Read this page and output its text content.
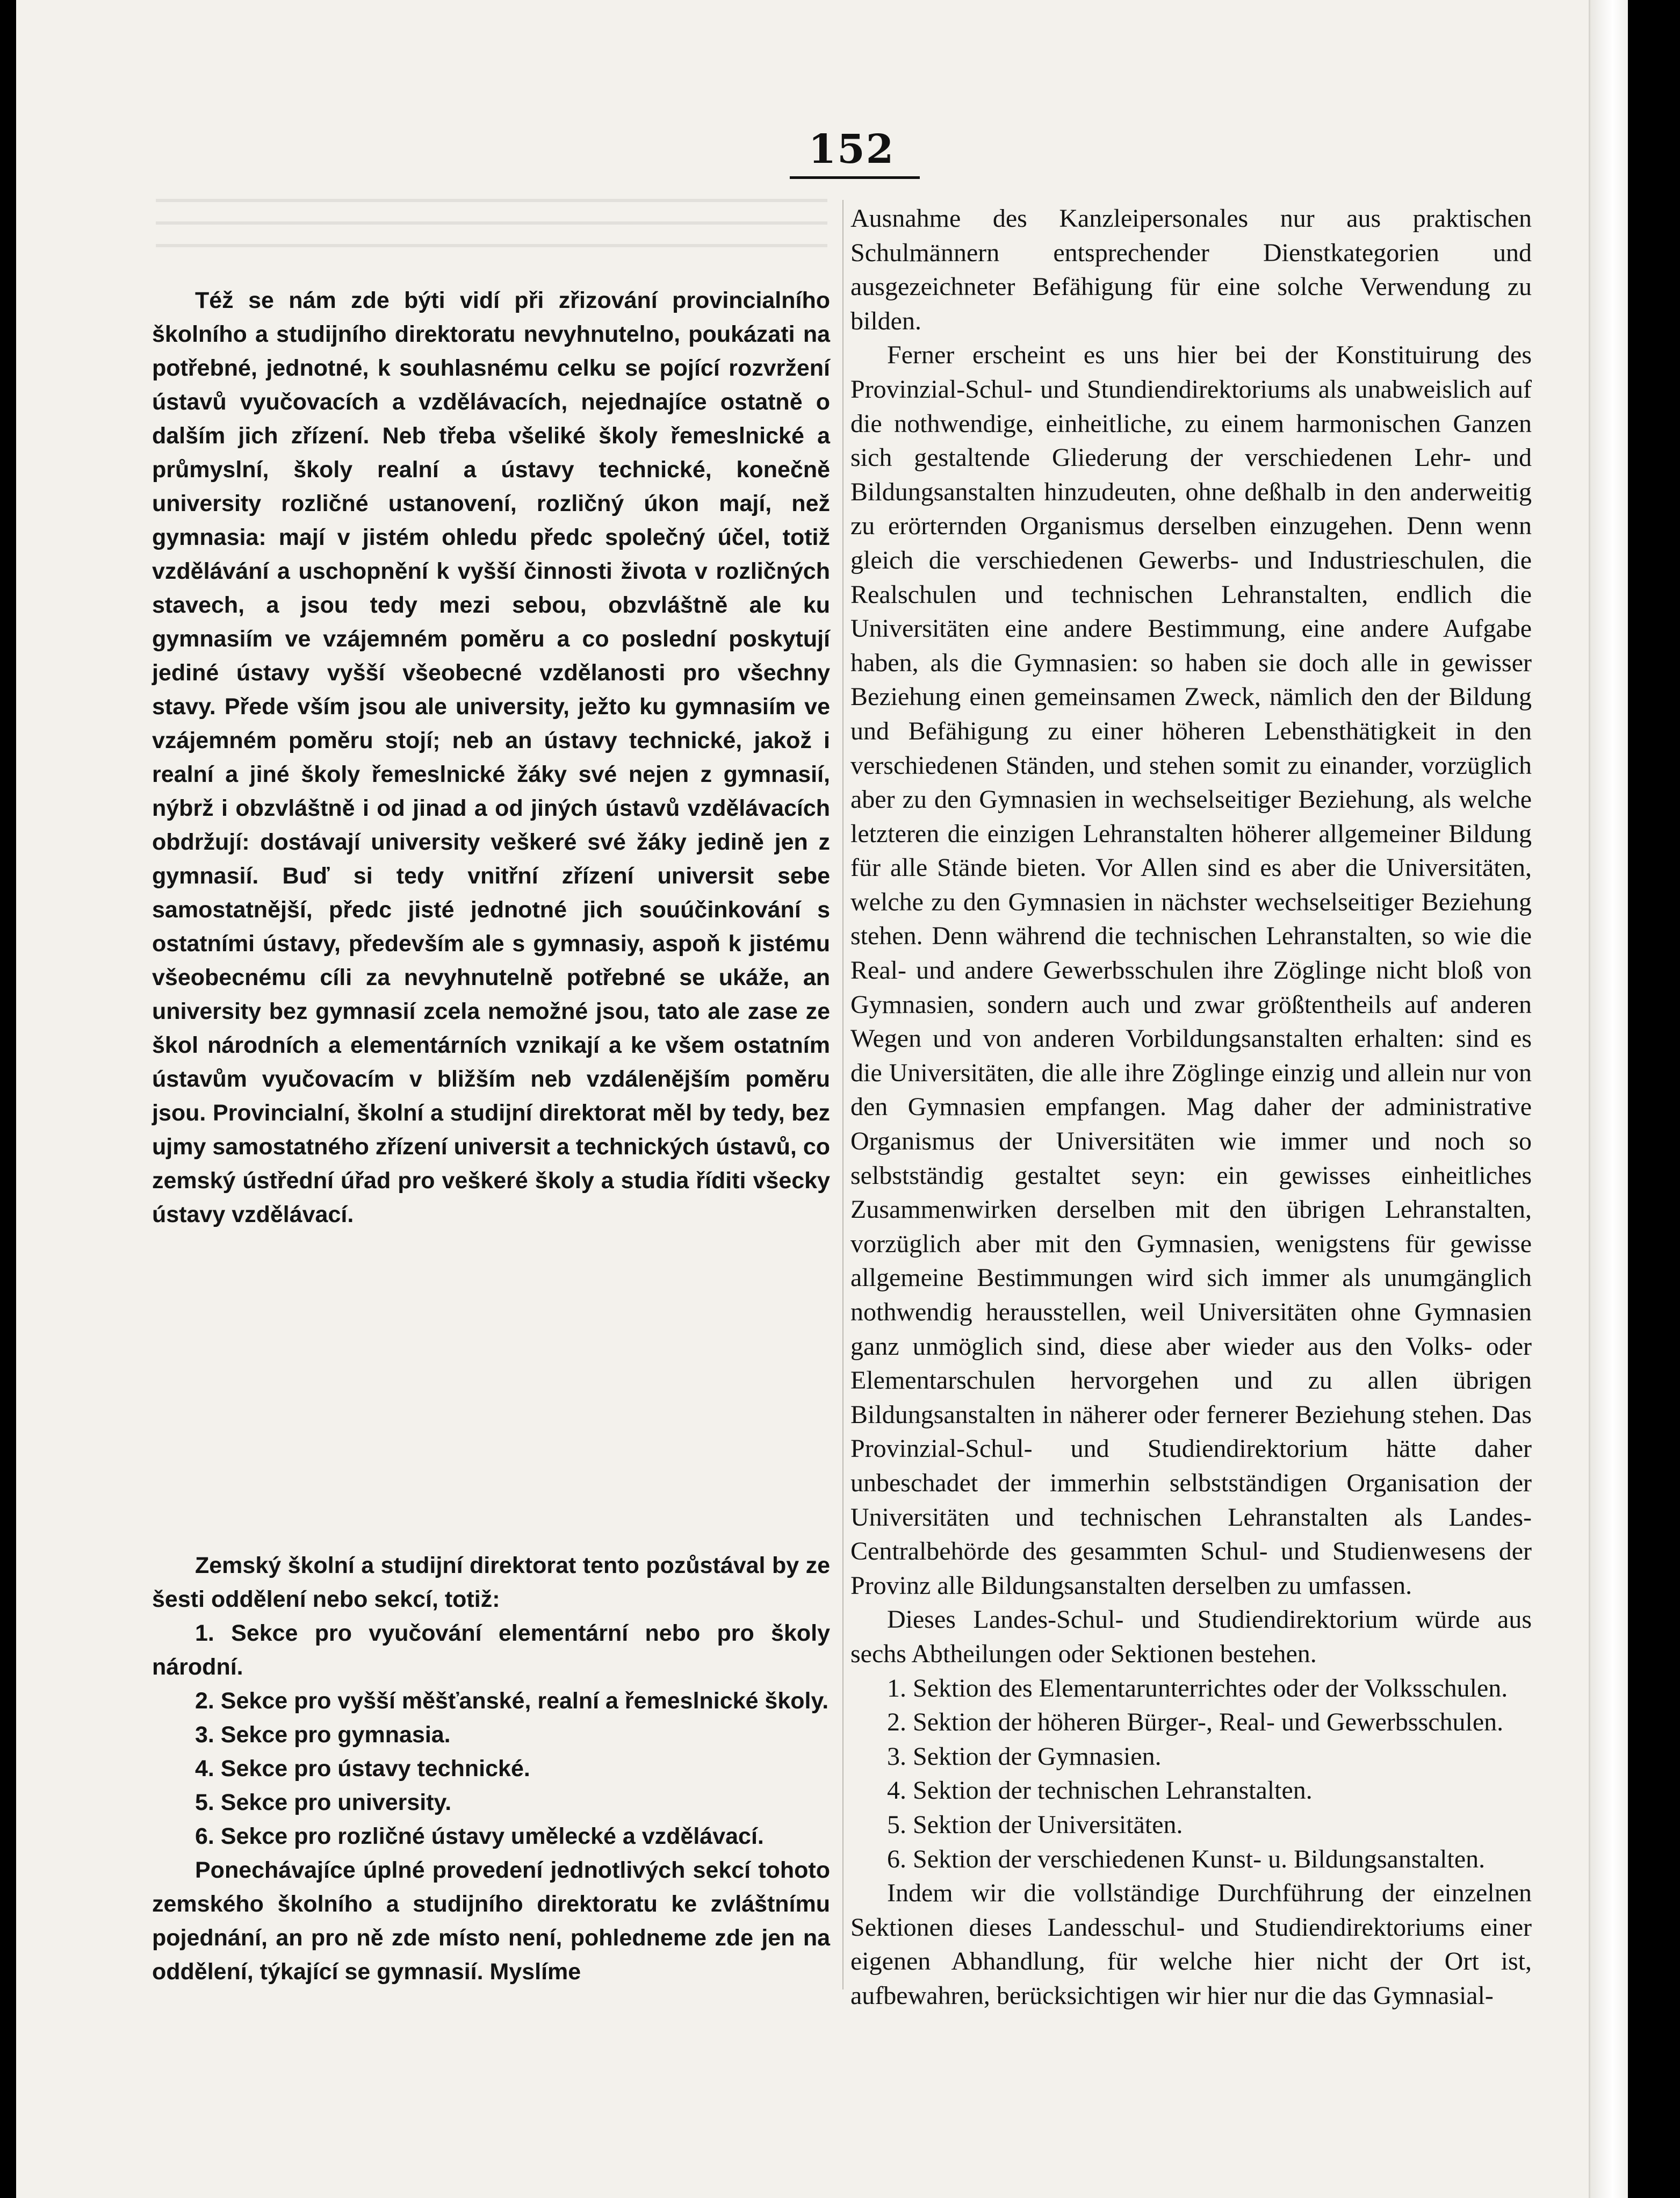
152

Též se nám zde býti vidí při zřizování provincialního školního a studijního direktoratu nevyhnutelno, poukázati na potřebné, jednotné, k souhlasnému celku se pojící rozvržení ústavů vyučovacích a vzdělávacích, nejednajíce ostatně o dalším jich zřízení. Neb třeba všeliké školy řemeslnické a průmyslní, školy realní a ústavy technické, konečně university rozličné ustanovení, rozličný úkon mají, než gymnasia: mají v jistém ohledu předc společný účel, totiž vzdělávání a uschopnění k vyšší činnosti života v rozličných stavech, a jsou tedy mezi sebou, obzvláštně ale ku gymnasiím ve vzájemném poměru a co poslední poskytují jediné ústavy vyšší všeobecné vzdělanosti pro všechny stavy. Přede vším jsou ale university, ježto ku gymnasiím ve vzájemném poměru stojí; neb an ústavy technické, jakož i realní a jiné školy řemeslnické žáky své nejen z gymnasií, nýbrž i obzvláštně i od jinad a od jiných ústavů vzdělávacích obdržují: dostávají university veškeré své žáky jedině jen z gymnasií. Buď si tedy vnitřní zřízení universit sebe samostatnější, předc jisté jednotné jich souúčinkování s ostatními ústavy, především ale s gymnasiy, aspoň k jistému všeobecnému cíli za nevyhnutelně potřebné se ukáže, an university bez gymnasií zcela nemožné jsou, tato ale zase ze škol národních a elementárních vznikají a ke všem ostatním ústavům vyučovacím v bližším neb vzdálenějším poměru jsou. Provincialní, školní a studijní direktorat měl by tedy, bez ujmy samostatného zřízení universit a technických ústavů, co zemský ústřední úřad pro veškeré školy a studia říditi všecky ústavy vzdělávací.

Zemský školní a studijní direktorat tento pozůstával by ze šesti oddělení nebo sekcí, totiž:

1. Sekce pro vyučování elementární nebo pro školy národní.
2. Sekce pro vyšší měšťanské, realní a řemeslnické školy.
3. Sekce pro gymnasia.
4. Sekce pro ústavy technické.
5. Sekce pro university.
6. Sekce pro rozličné ústavy umělecké a vzdělávací.

Ponechávajíce úplné provedení jednotlivých sekcí tohoto zemského školního a studijního direktoratu ke zvláštnímu pojednání, an pro ně zde místo není, pohledneme zde jen na oddělení, týkající se gymnasií. Myslíme

Ausnahme des Kanzleipersonales nur aus praktischen Schulmännern entsprechender Dienstkategorien und ausgezeichneter Befähigung für eine solche Verwendung zu bilden.

Ferner erscheint es uns hier bei der Konstituirung des Provinzial-Schul- und Stundiendirektoriums als unabweislich auf die nothwendige, einheitliche, zu einem harmonischen Ganzen sich gestaltende Gliederung der verschiedenen Lehr- und Bildungsanstalten hinzudeuten, ohne deßhalb in den anderweitig zu erörternden Organismus derselben einzugehen. Denn wenn gleich die verschiedenen Gewerbs- und Industrieschulen, die Realschulen und technischen Lehranstalten, endlich die Universitäten eine andere Bestimmung, eine andere Aufgabe haben, als die Gymnasien: so haben sie doch alle in gewisser Beziehung einen gemeinsamen Zweck, nämlich den der Bildung und Befähigung zu einer höheren Lebensthätigkeit in den verschiedenen Ständen, und stehen somit zu einander, vorzüglich aber zu den Gymnasien in wechselseitiger Beziehung, als welche letzteren die einzigen Lehranstalten höherer allgemeiner Bildung für alle Stände bieten. Vor Allen sind es aber die Universitäten, welche zu den Gymnasien in nächster wechselseitiger Beziehung stehen. Denn während die technischen Lehranstalten, so wie die Real- und andere Gewerbsschulen ihre Zöglinge nicht bloß von Gymnasien, sondern auch und zwar größtentheils auf anderen Wegen und von anderen Vorbildungsanstalten erhalten: sind es die Universitäten, die alle ihre Zöglinge einzig und allein nur von den Gymnasien empfangen. Mag daher der administrative Organismus der Universitäten wie immer und noch so selbstständig gestaltet seyn: ein gewisses einheitliches Zusammenwirken derselben mit den übrigen Lehranstalten, vorzüglich aber mit den Gymnasien, wenigstens für gewisse allgemeine Bestimmungen wird sich immer als unumgänglich nothwendig herausstellen, weil Universitäten ohne Gymnasien ganz unmöglich sind, diese aber wieder aus den Volks- oder Elementarschulen hervorgehen und zu allen übrigen Bildungsanstalten in näherer oder fernerer Beziehung stehen. Das Provinzial-Schul- und Studiendirektorium hätte daher unbeschadet der immerhin selbstständigen Organisation der Universitäten und technischen Lehranstalten als Landes-Centralbehörde des gesammten Schul- und Studienwesens der Provinz alle Bildungsanstalten derselben zu umfassen.

Dieses Landes-Schul- und Studiendirektorium würde aus sechs Abtheilungen oder Sektionen bestehen.

1. Sektion des Elementarunterrichtes oder der Volksschulen.
2. Sektion der höheren Bürger-, Real- und Gewerbsschulen.
3. Sektion der Gymnasien.
4. Sektion der technischen Lehranstalten.
5. Sektion der Universitäten.
6. Sektion der verschiedenen Kunst- u. Bildungsanstalten.

Indem wir die vollständige Durchführung der einzelnen Sektionen dieses Landesschul- und Studiendirektoriums einer eigenen Abhandlung, für welche hier nicht der Ort ist, aufbewahren, berücksichtigen wir hier nur die das Gymnasial-
